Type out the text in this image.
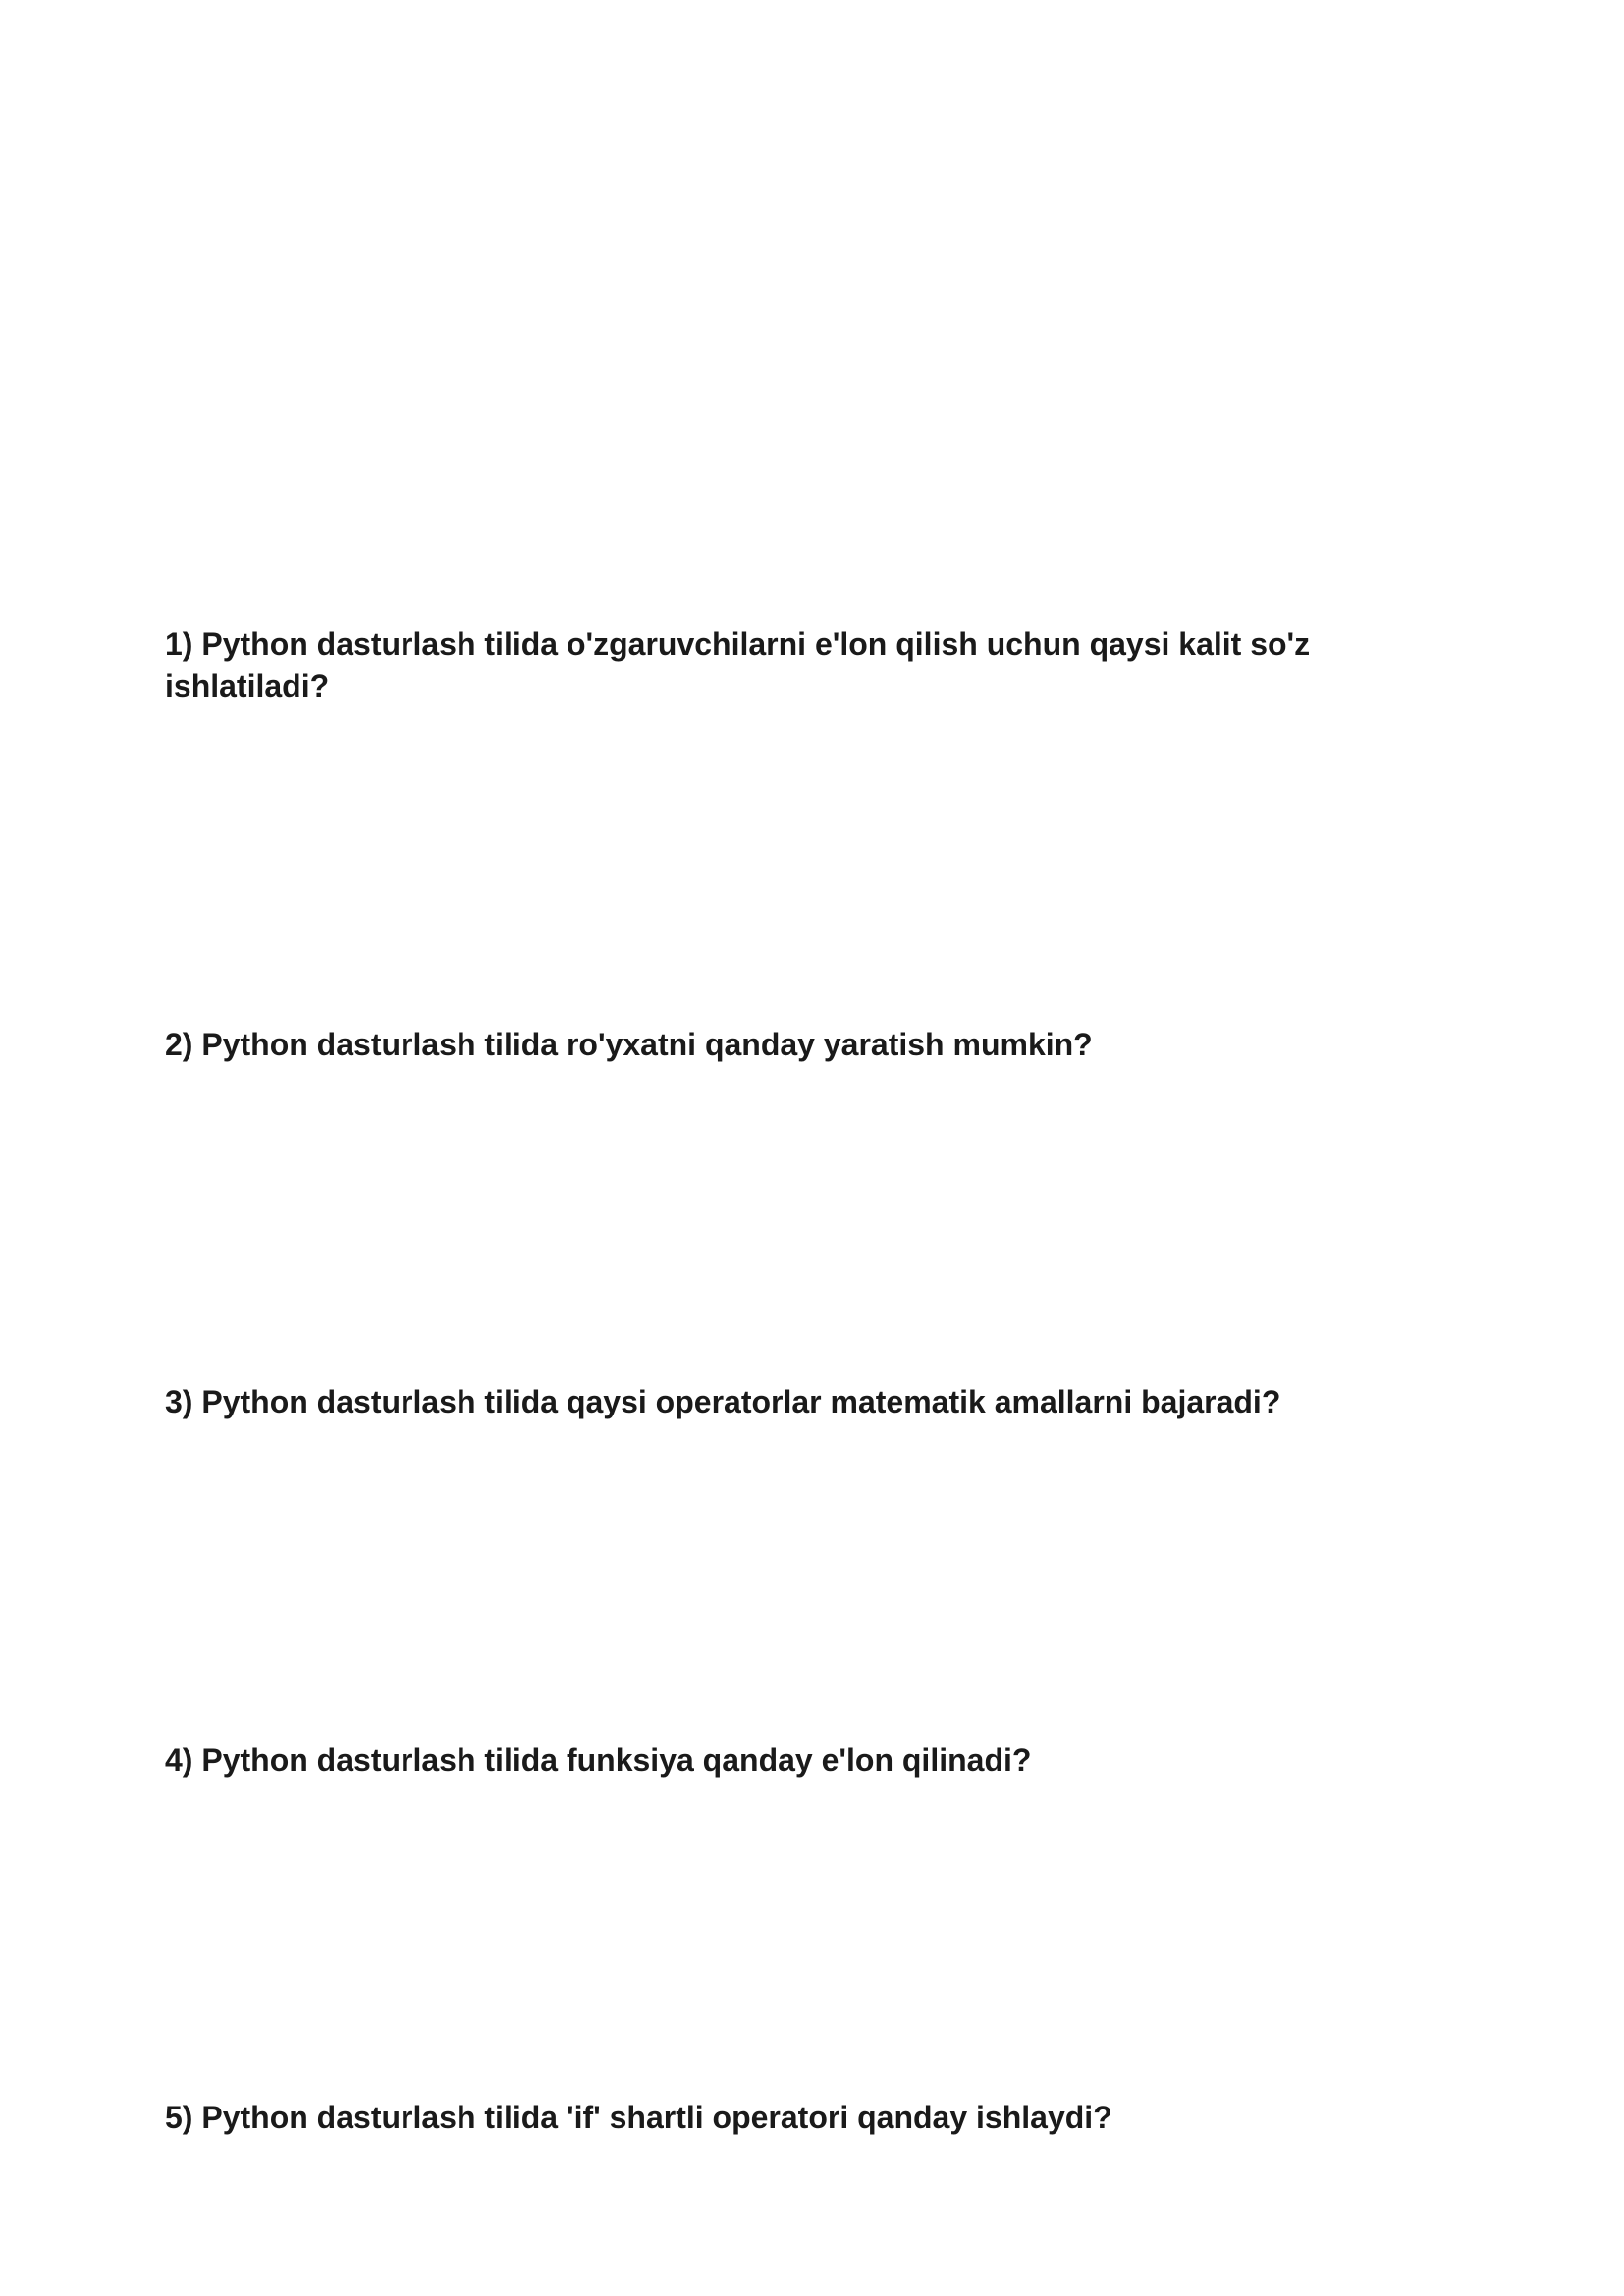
1) Python dasturlash tilida o'zgaruvchilarni e'lon qilish uchun qaysi kalit so'z ishlatiladi?

2) Python dasturlash tilida ro'yxatni qanday yaratish mumkin?

3) Python dasturlash tilida qaysi operatorlar matematik amallarni bajaradi?

4) Python dasturlash tilida funksiya qanday e'lon qilinadi?

5) Python dasturlash tilida 'if' shartli operatori qanday ishlaydi?
